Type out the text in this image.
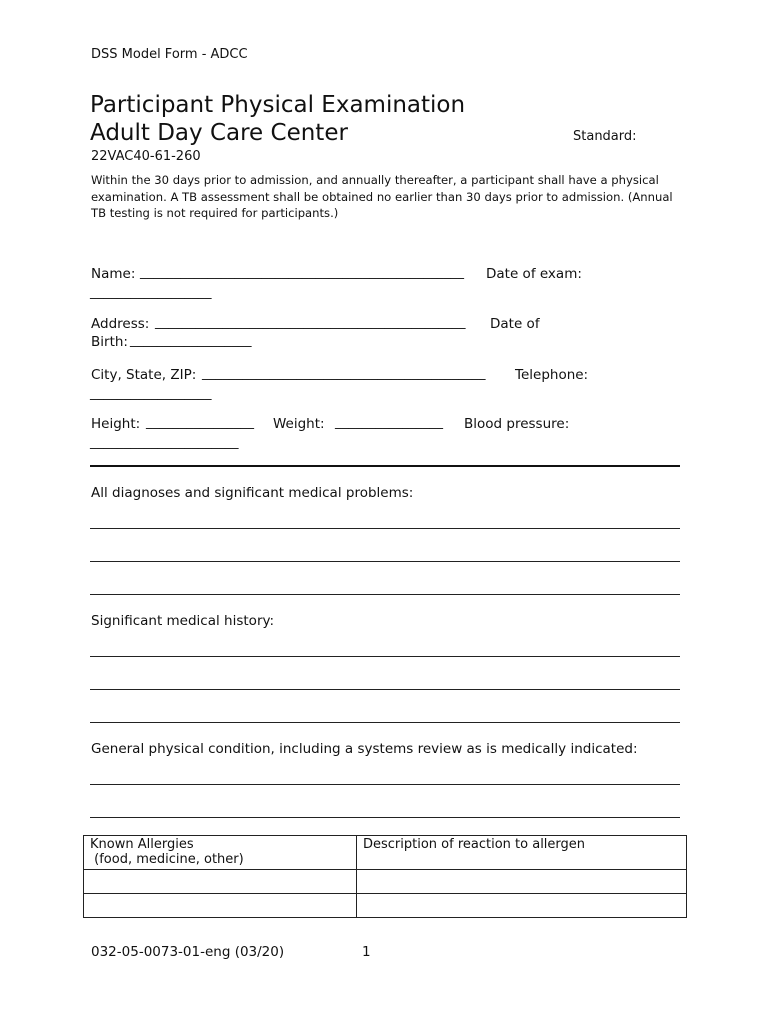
DSS Model Form - ADCC
Participant Physical Examination
Adult Day Care Center	Standard:
22VAC40-61-260
Within the 30 days prior to admission, and annually thereafter, a participant shall have a physical examination. A TB assessment shall be obtained no earlier than 30 days prior to admission. (Annual TB testing is not required for participants.)
Name: ________________________________________________ Date of exam:
__________________
Address: ______________________________________________ Date of
Birth: __________________
City, State, ZIP: __________________________________________ Telephone:
__________________
Height: ________________ Weight: ________________ Blood pressure:
______________________
All diagnoses and significant medical problems:
Significant medical history:
General physical condition, including a systems review as is medically indicated:
Known Allergies
(food, medicine, other)	Description of reaction to allergen

032-05-0073-01-eng (03/20)	1
